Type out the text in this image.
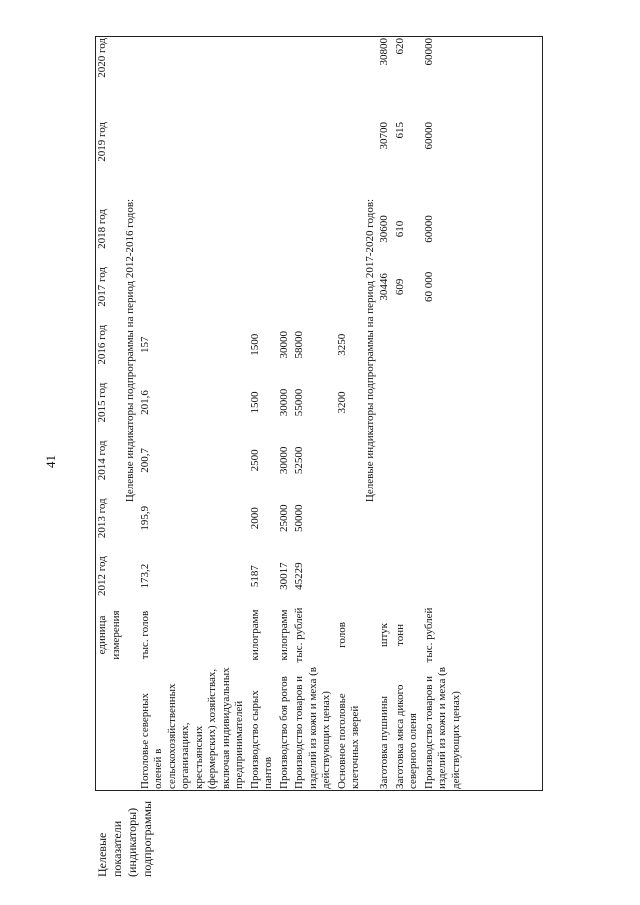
41
Целевые показатели (индикаторы) подпрограммы
	единица измерения	2012 год	2013 год	2014 год	2015 год	2016 год	2017 год	2018 год	2019 год	2020 год
	Целевые индикаторы подпрограммы на период 2012-2016 годов:									
Поголовье северных оленей в сельскохозяйственных организациях, крестьянских (фермерских) хозяйствах, включая индивидуальных предпринимателей	тыс. голов	173,2	195,9	200,7	201,6	157				
Производство сырых пантов	килограмм	5187	2000	2500	1500	1500				
Производство боя рогов	килограмм	30017	25000	30000	30000	30000				
Производство товаров и изделий из кожи и меха (в действующих ценах)	тыс. рублей	45229	50000	52500	55000	58000				
Основное поголовье клеточных зверей	голов				3200	3250				
	Целевые индикаторы подпрограммы на период 2017-2020 годов:									
Заготовка пушнины	штук						30446	30600	30700	30800
Заготовка мяса дикого северного оленя	тонн						609	610	615	620
Производство товаров и изделий из кожи и меха (в действующих ценах)	тыс. рублей						60 000	60000	60000	60000
